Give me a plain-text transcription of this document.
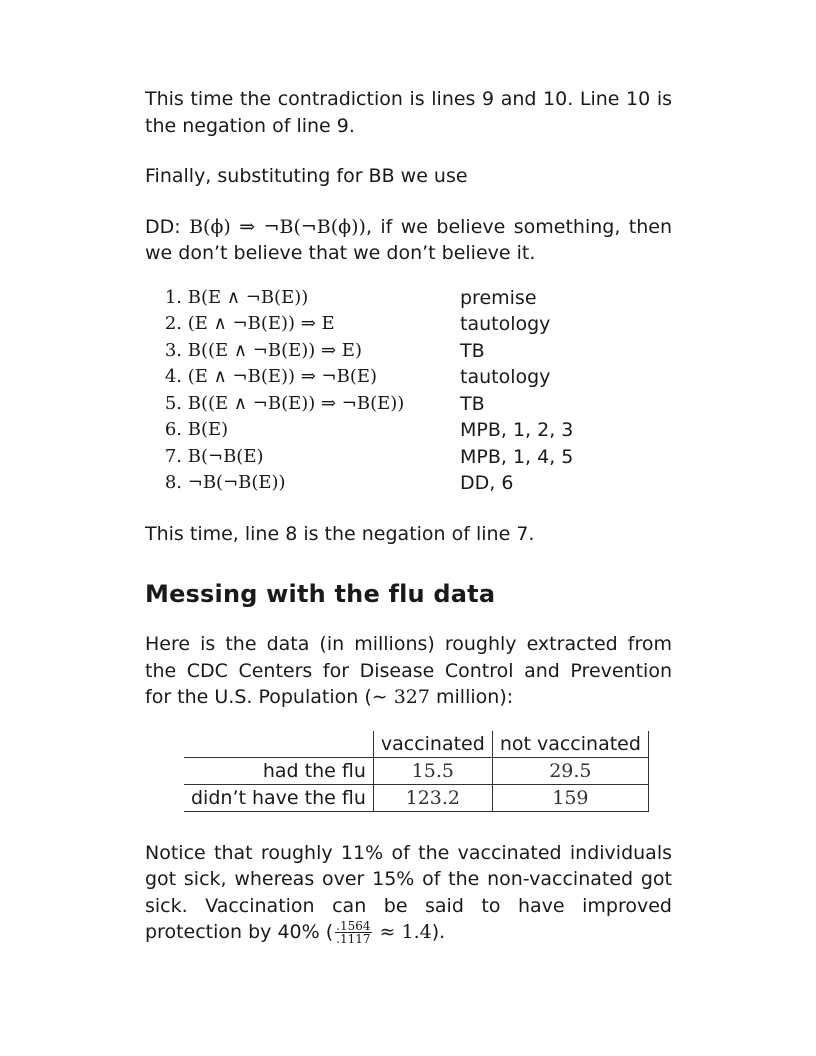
This time the contradiction is lines 9 and 10. Line 10 is the negation of line 9.

Finally, substituting for BB we use

DD: B(ϕ) ⇒ ¬B(¬B(ϕ)), if we believe something, then we don’t believe that we don’t believe it.

1. B(E ∧ ¬B(E))	premise
2. (E ∧ ¬B(E)) ⇒ E	tautology
3. B((E ∧ ¬B(E)) ⇒ E)	TB
4. (E ∧ ¬B(E)) ⇒ ¬B(E)	tautology
5. B((E ∧ ¬B(E)) ⇒ ¬B(E))	TB
6. B(E)	MPB, 1, 2, 3
7. B(¬B(E)	MPB, 1, 4, 5
8. ¬B(¬B(E))	DD, 6

This time, line 8 is the negation of line 7.

Messing with the flu data

Here is the data (in millions) roughly extracted from the CDC Centers for Disease Control and Prevention for the U.S. Population (∼ 327 million):

	vaccinated	not vaccinated
had the flu	15.5	29.5
didn’t have the flu	123.2	159

Notice that roughly 11% of the vaccinated individuals got sick, whereas over 15% of the non-vaccinated got sick. Vaccination can be said to have improved protection by 40% ( $\frac{.1564}{.1117} \approx 1.4$).
